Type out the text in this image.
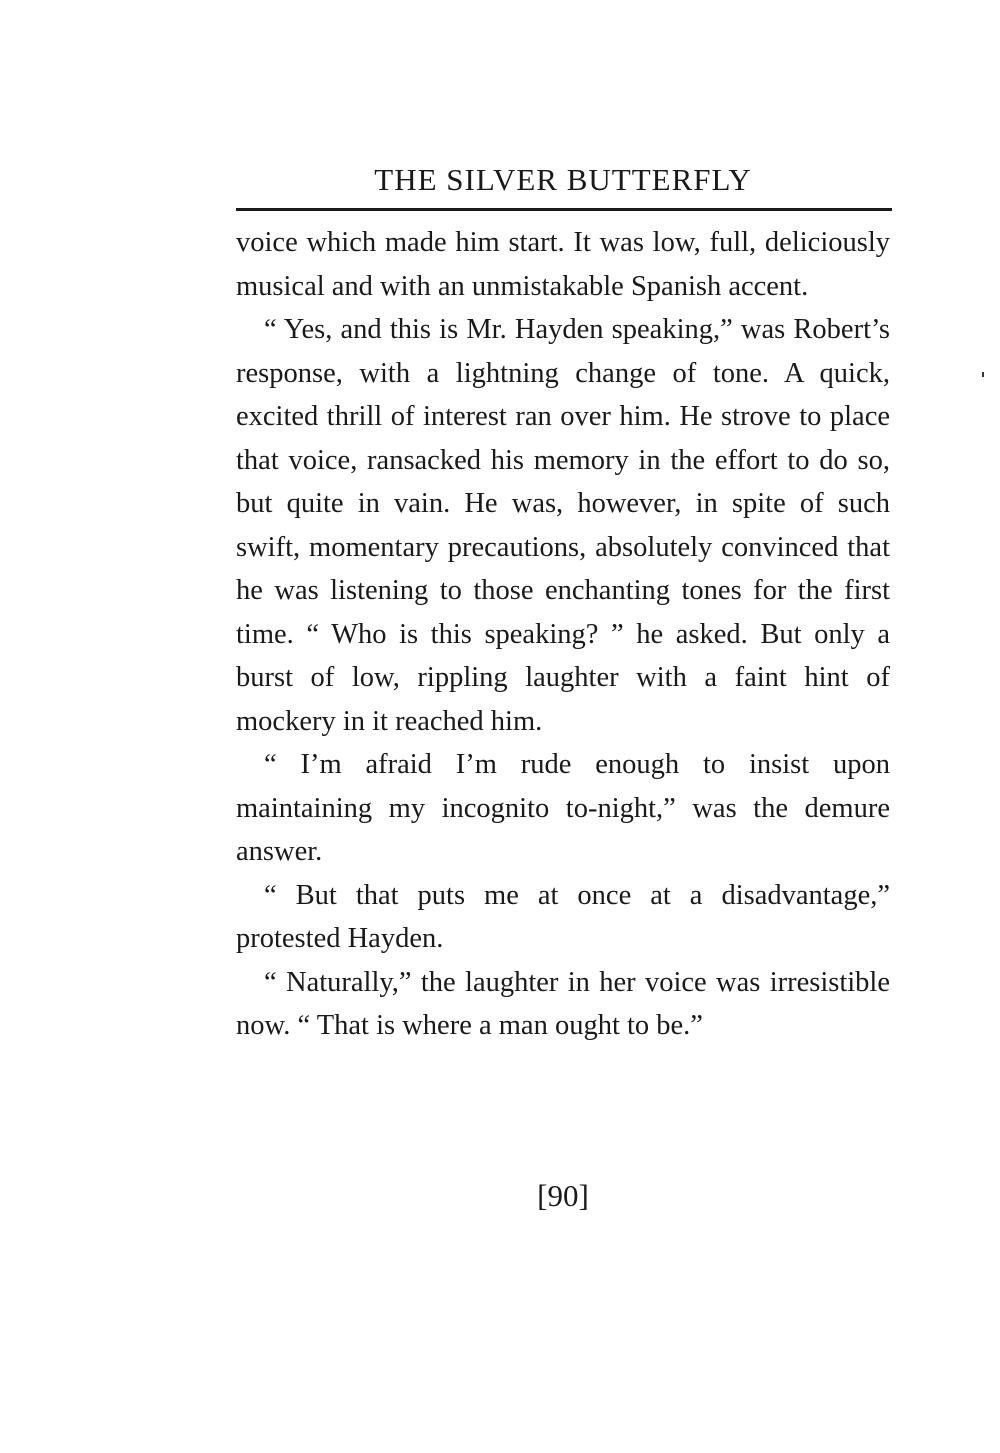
THE SILVER BUTTERFLY

voice which made him start. It was low, full, deliciously musical and with an unmistakable Spanish accent.

“ Yes, and this is Mr. Hayden speaking,” was Robert’s response, with a lightning change of tone. A quick, excited thrill of interest ran over him. He strove to place that voice, ransacked his memory in the effort to do so, but quite in vain. He was, however, in spite of such swift, momentary precautions, absolutely convinced that he was listening to those enchanting tones for the first time. “ Who is this speaking? ” he asked. But only a burst of low, rippling laughter with a faint hint of mockery in it reached him.

“ I’m afraid I’m rude enough to insist upon maintaining my incognito to-night,” was the demure answer.

“ But that puts me at once at a disadvantage,” protested Hayden.

“ Naturally,” the laughter in her voice was irresistible now. “ That is where a man ought to be.”

[90]
